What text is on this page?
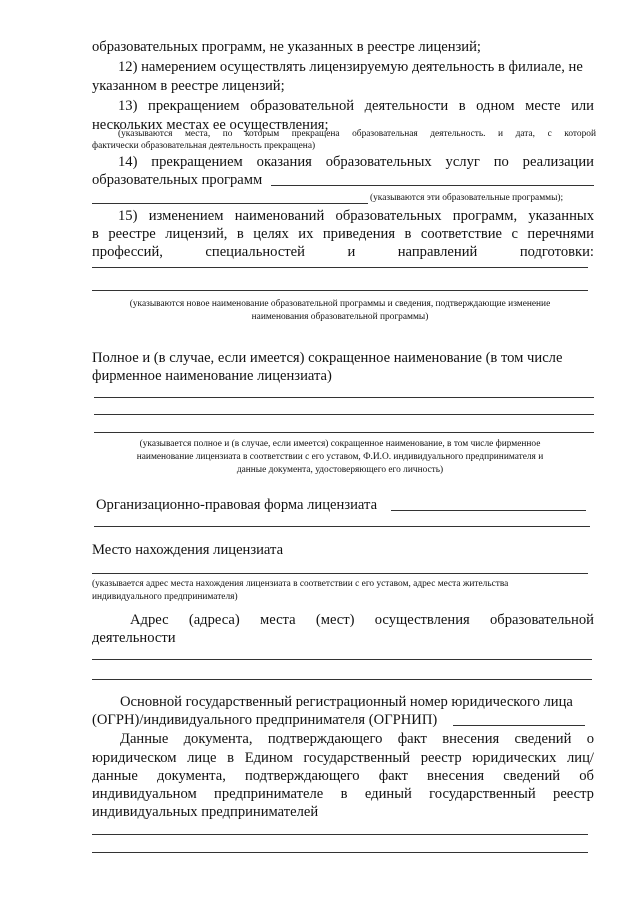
образовательных программ, не указанных в реестре лицензий;
12) намерением осуществлять лицензируемую деятельность в филиале, не
указанном в реестре лицензий;
13) прекращением образовательной деятельности в одном месте или
нескольких местах ее осуществления;
(указываются места, по которым прекращена образовательная деятельность. и дата, с которой
фактически образовательная деятельность прекращена)
14) прекращением оказания образовательных услуг по реализации
образовательных программ
(указываются эти образовательные программы);
15) изменением наименований образовательных программ, указанных
в реестре лицензий, в целях их приведения в соответствие с перечнями
профессий,	специальностей	и	направлений	подготовки:
(указываются новое наименование образовательной программы и сведения, подтверждающие изменение
наименования образовательной программы)
Полное и (в случае, если имеется) сокращенное наименование (в том числе
фирменное наименование лицензиата)
(указывается полное и (в случае, если имеется) сокращенное наименование, в том числе фирменное
наименование лицензиата в соответствии с его уставом, Ф.И.О. индивидуального предпринимателя и
данные документа, удостоверяющего его личность)
Организационно-правовая форма лицензиата
Место нахождения лицензиата
(указывается адрес места нахождения лицензиата в соответствии с его уставом, адрес места жительства
индивидуального предпринимателя)
Адрес (адреса) места (мест) осуществления образовательной
деятельности
Основной государственный регистрационный номер юридического лица
(ОГРН)/индивидуального предпринимателя (ОГРНИП)
Данные документа, подтверждающего факт внесения сведений о
юридическом лице в Едином государственный реестр юридических лиц/
данные документа, подтверждающего факт внесения сведений об
индивидуальном предпринимателе в единый государственный реестр
индивидуальных предпринимателей
